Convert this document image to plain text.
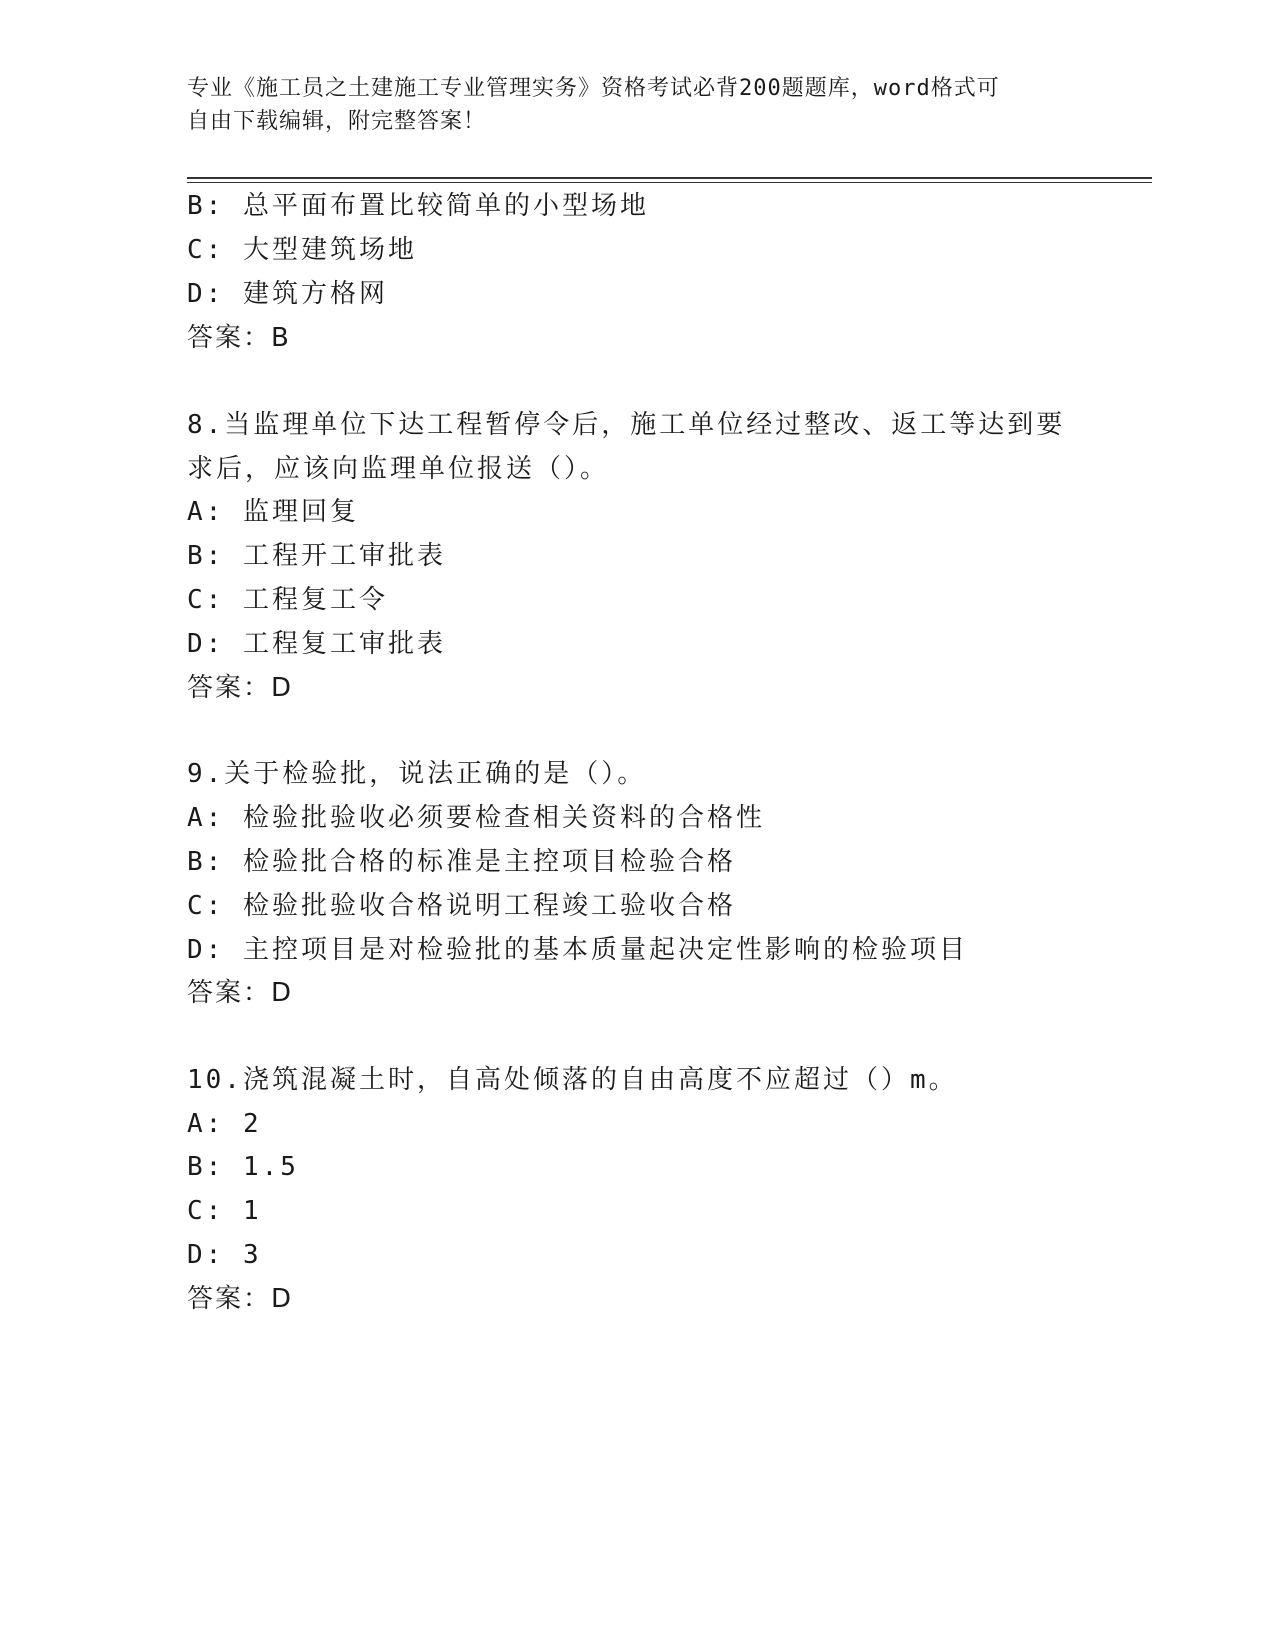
专业《施工员之土建施工专业管理实务》资格考试必背200题题库，word格式可
自由下载编辑，附完整答案！
B: 总平面布置比较简单的小型场地
C: 大型建筑场地
D: 建筑方格网
答案：B
8.当监理单位下达工程暂停令后，施工单位经过整改、返工等达到要
求后，应该向监理单位报送（）。
A: 监理回复
B: 工程开工审批表
C: 工程复工令
D: 工程复工审批表
答案：D
9.关于检验批，说法正确的是（）。
A: 检验批验收必须要检查相关资料的合格性
B: 检验批合格的标准是主控项目检验合格
C: 检验批验收合格说明工程竣工验收合格
D: 主控项目是对检验批的基本质量起决定性影响的检验项目
答案：D
10.浇筑混凝土时，自高处倾落的自由高度不应超过（）m。
A: 2
B: 1.5
C: 1
D: 3
答案：D
